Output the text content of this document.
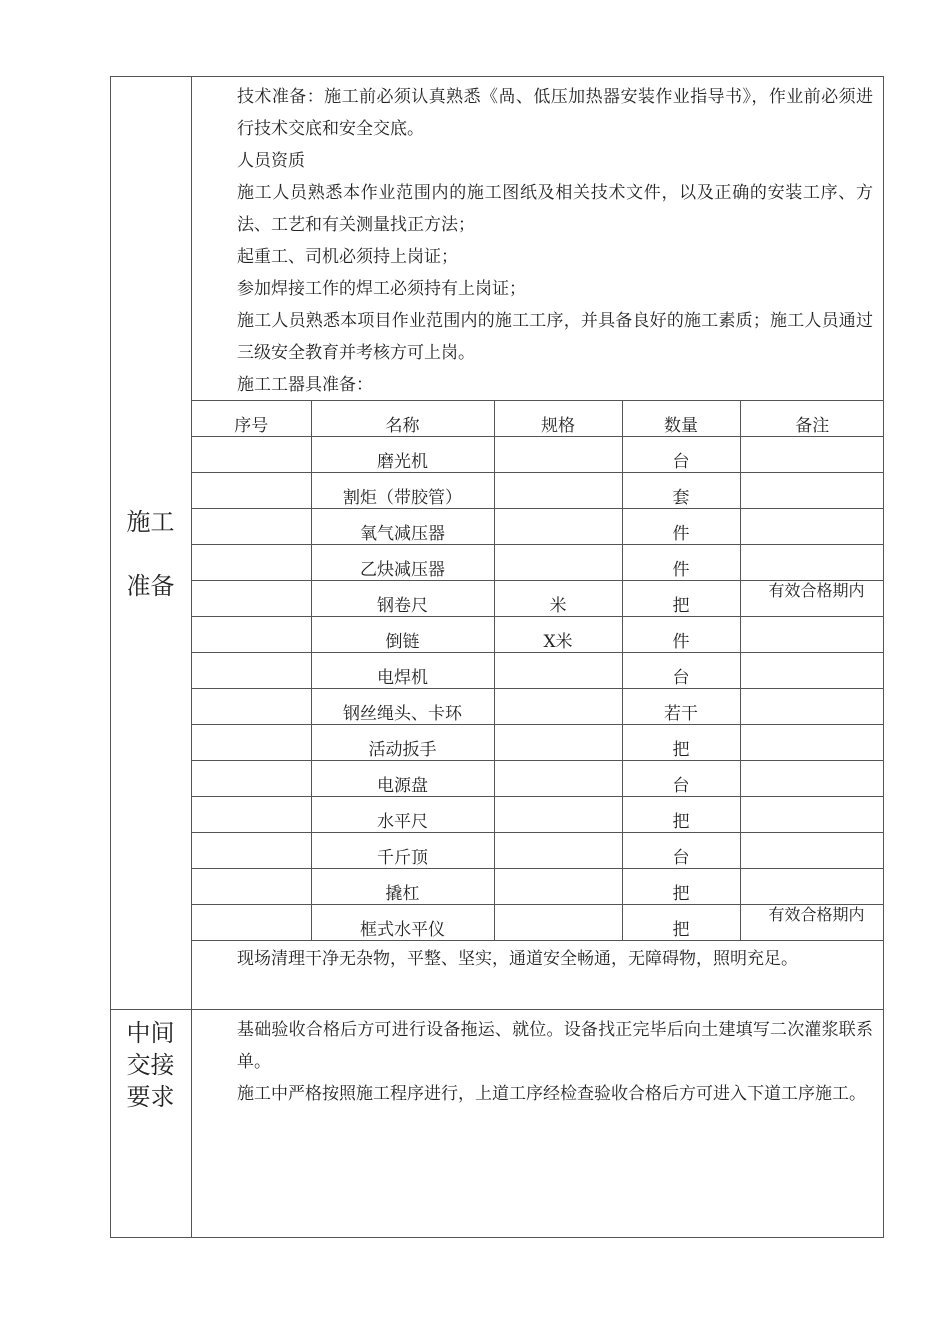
施工
准备
中间
交接
要求

技术准备：施工前必须认真熟悉《咼、低压加热器安装作业指导书》，作业前必须进行技术交底和安全交底。

人员资质

施工人员熟悉本作业范围内的施工图纸及相关技术文件，以及正确的安装工序、方法、工艺和有关测量找正方法；

起重工、司机必须持上岗证；

参加焊接工作的焊工必须持有上岗证；

施工人员熟悉本项目作业范围内的施工工序，并具备良好的施工素质；施工人员通过三级安全教育并考核方可上岗。

施工工器具准备：

序号	名称	规格	数量	备注
	磨光机		台	

	割炬（带胶管）		套	

	氧气减压器		件	

	乙炔减压器		件	

	钢卷尺	米	把	有效合格期内

	倒链	X米	件	

	电焊机		台	

	钢丝绳头、卡环		若干	

	活动扳手		把	

	电源盘		台	

	水平尺		把	

	千斤顶		台	

	撬杠		把	

	框式水平仪		把	有效合格期内
现场清理干净无杂物，平整、坚实，通道安全畅通，无障碍物，照明充足。

基础验收合格后方可进行设备拖运、就位。设备找正完毕后向土建填写二次灌浆联系单。

施工中严格按照施工程序进行，上道工序经检查验收合格后方可进入下道工序施工。
